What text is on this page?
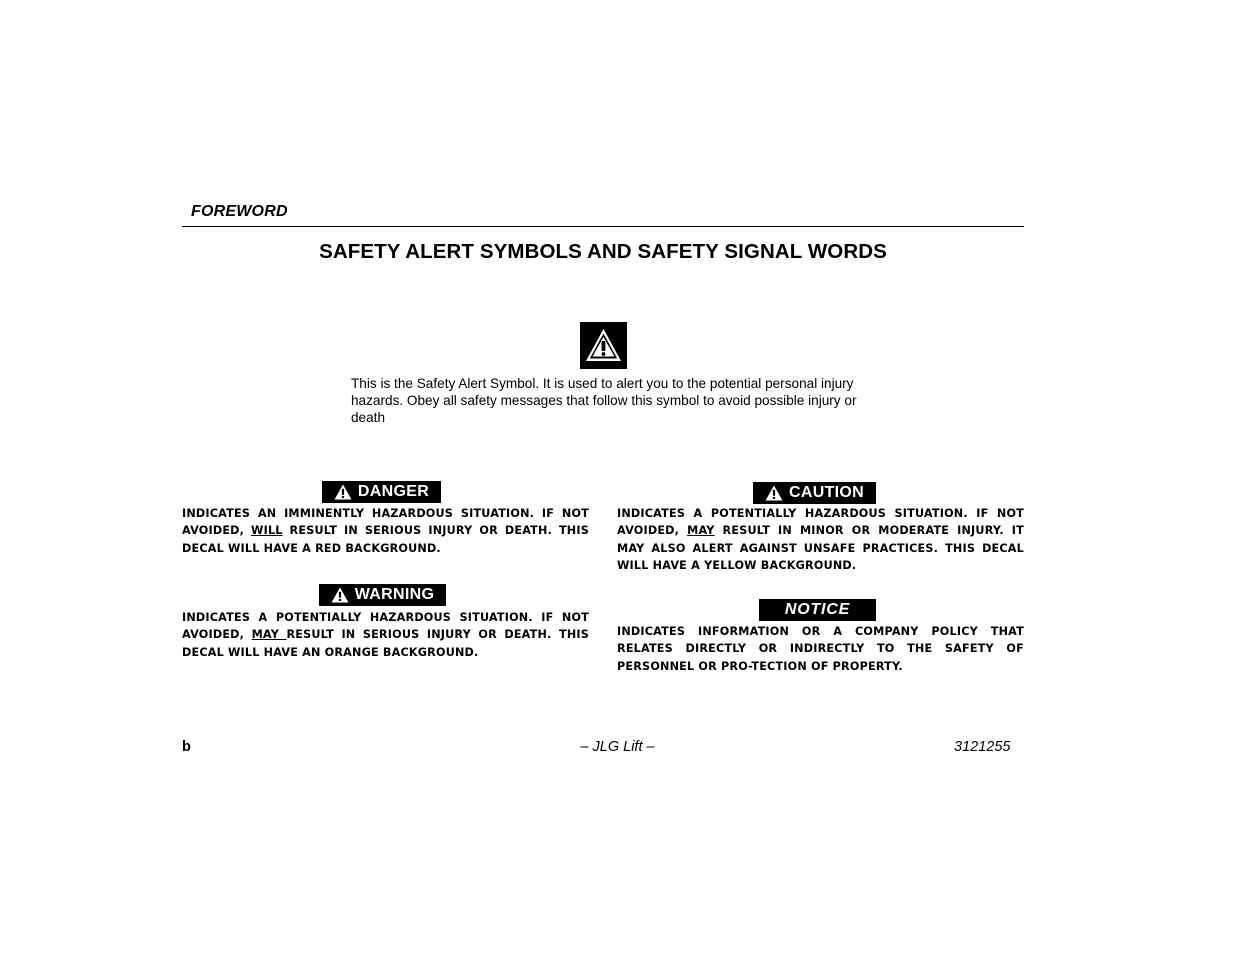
FOREWORD
SAFETY ALERT SYMBOLS AND SAFETY SIGNAL WORDS
This is the Safety Alert Symbol. It is used to alert you to the potential personal injury hazards. Obey all safety messages that follow this symbol to avoid possible injury or death
DANGER
INDICATES AN IMMINENTLY HAZARDOUS SITUATION. IF NOT AVOIDED, WILL RESULT IN SERIOUS INJURY OR DEATH. THIS DECAL WILL HAVE A RED BACKGROUND.
WARNING
INDICATES A POTENTIALLY HAZARDOUS SITUATION. IF NOT AVOIDED, MAY RESULT IN SERIOUS INJURY OR DEATH. THIS DECAL WILL HAVE AN ORANGE BACKGROUND.
CAUTION
INDICATES A POTENTIALLY HAZARDOUS SITUATION. IF NOT AVOIDED, MAY RESULT IN MINOR OR MODERATE INJURY. IT MAY ALSO ALERT AGAINST UNSAFE PRACTICES. THIS DECAL WILL HAVE A YELLOW BACKGROUND.
NOTICE
INDICATES INFORMATION OR A COMPANY POLICY THAT RELATES DIRECTLY OR INDIRECTLY TO THE SAFETY OF PERSONNEL OR PRO-TECTION OF PROPERTY.
b	– JLG Lift –	3121255
